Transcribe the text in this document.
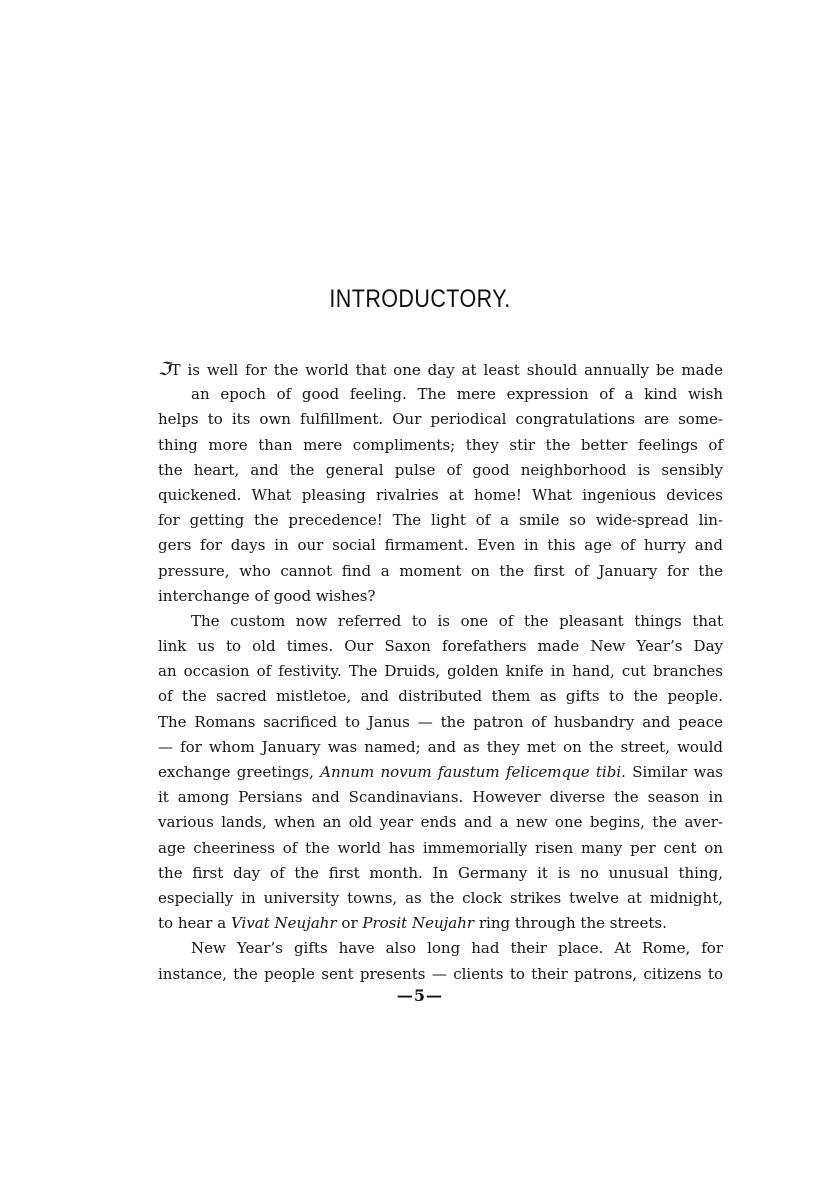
INTRODUCTORY.
ℑT is well for the world that one day at least should annually be made
an epoch of good feeling. The mere expression of a kind wish
helps to its own fulfillment. Our periodical congratulations are some-
thing more than mere compliments; they stir the better feelings of
the heart, and the general pulse of good neighborhood is sensibly
quickened. What pleasing rivalries at home! What ingenious devices
for getting the precedence! The light of a smile so wide-spread lin-
gers for days in our social firmament. Even in this age of hurry and
pressure, who cannot find a moment on the first of January for the
interchange of good wishes?
The custom now referred to is one of the pleasant things that
link us to old times. Our Saxon forefathers made New Year’s Day
an occasion of festivity. The Druids, golden knife in hand, cut branches
of the sacred mistletoe, and distributed them as gifts to the people.
The Romans sacrificed to Janus — the patron of husbandry and peace
— for whom January was named; and as they met on the street, would
exchange greetings, Annum novum faustum felicemque tibi. Similar was
it among Persians and Scandinavians. However diverse the season in
various lands, when an old year ends and a new one begins, the aver-
age cheeriness of the world has immemorially risen many per cent on
the first day of the first month. In Germany it is no unusual thing,
especially in university towns, as the clock strikes twelve at midnight,
to hear a Vivat Neujahr or Prosit Neujahr ring through the streets.
New Year’s gifts have also long had their place. At Rome, for
instance, the people sent presents — clients to their patrons, citizens to
—5—
